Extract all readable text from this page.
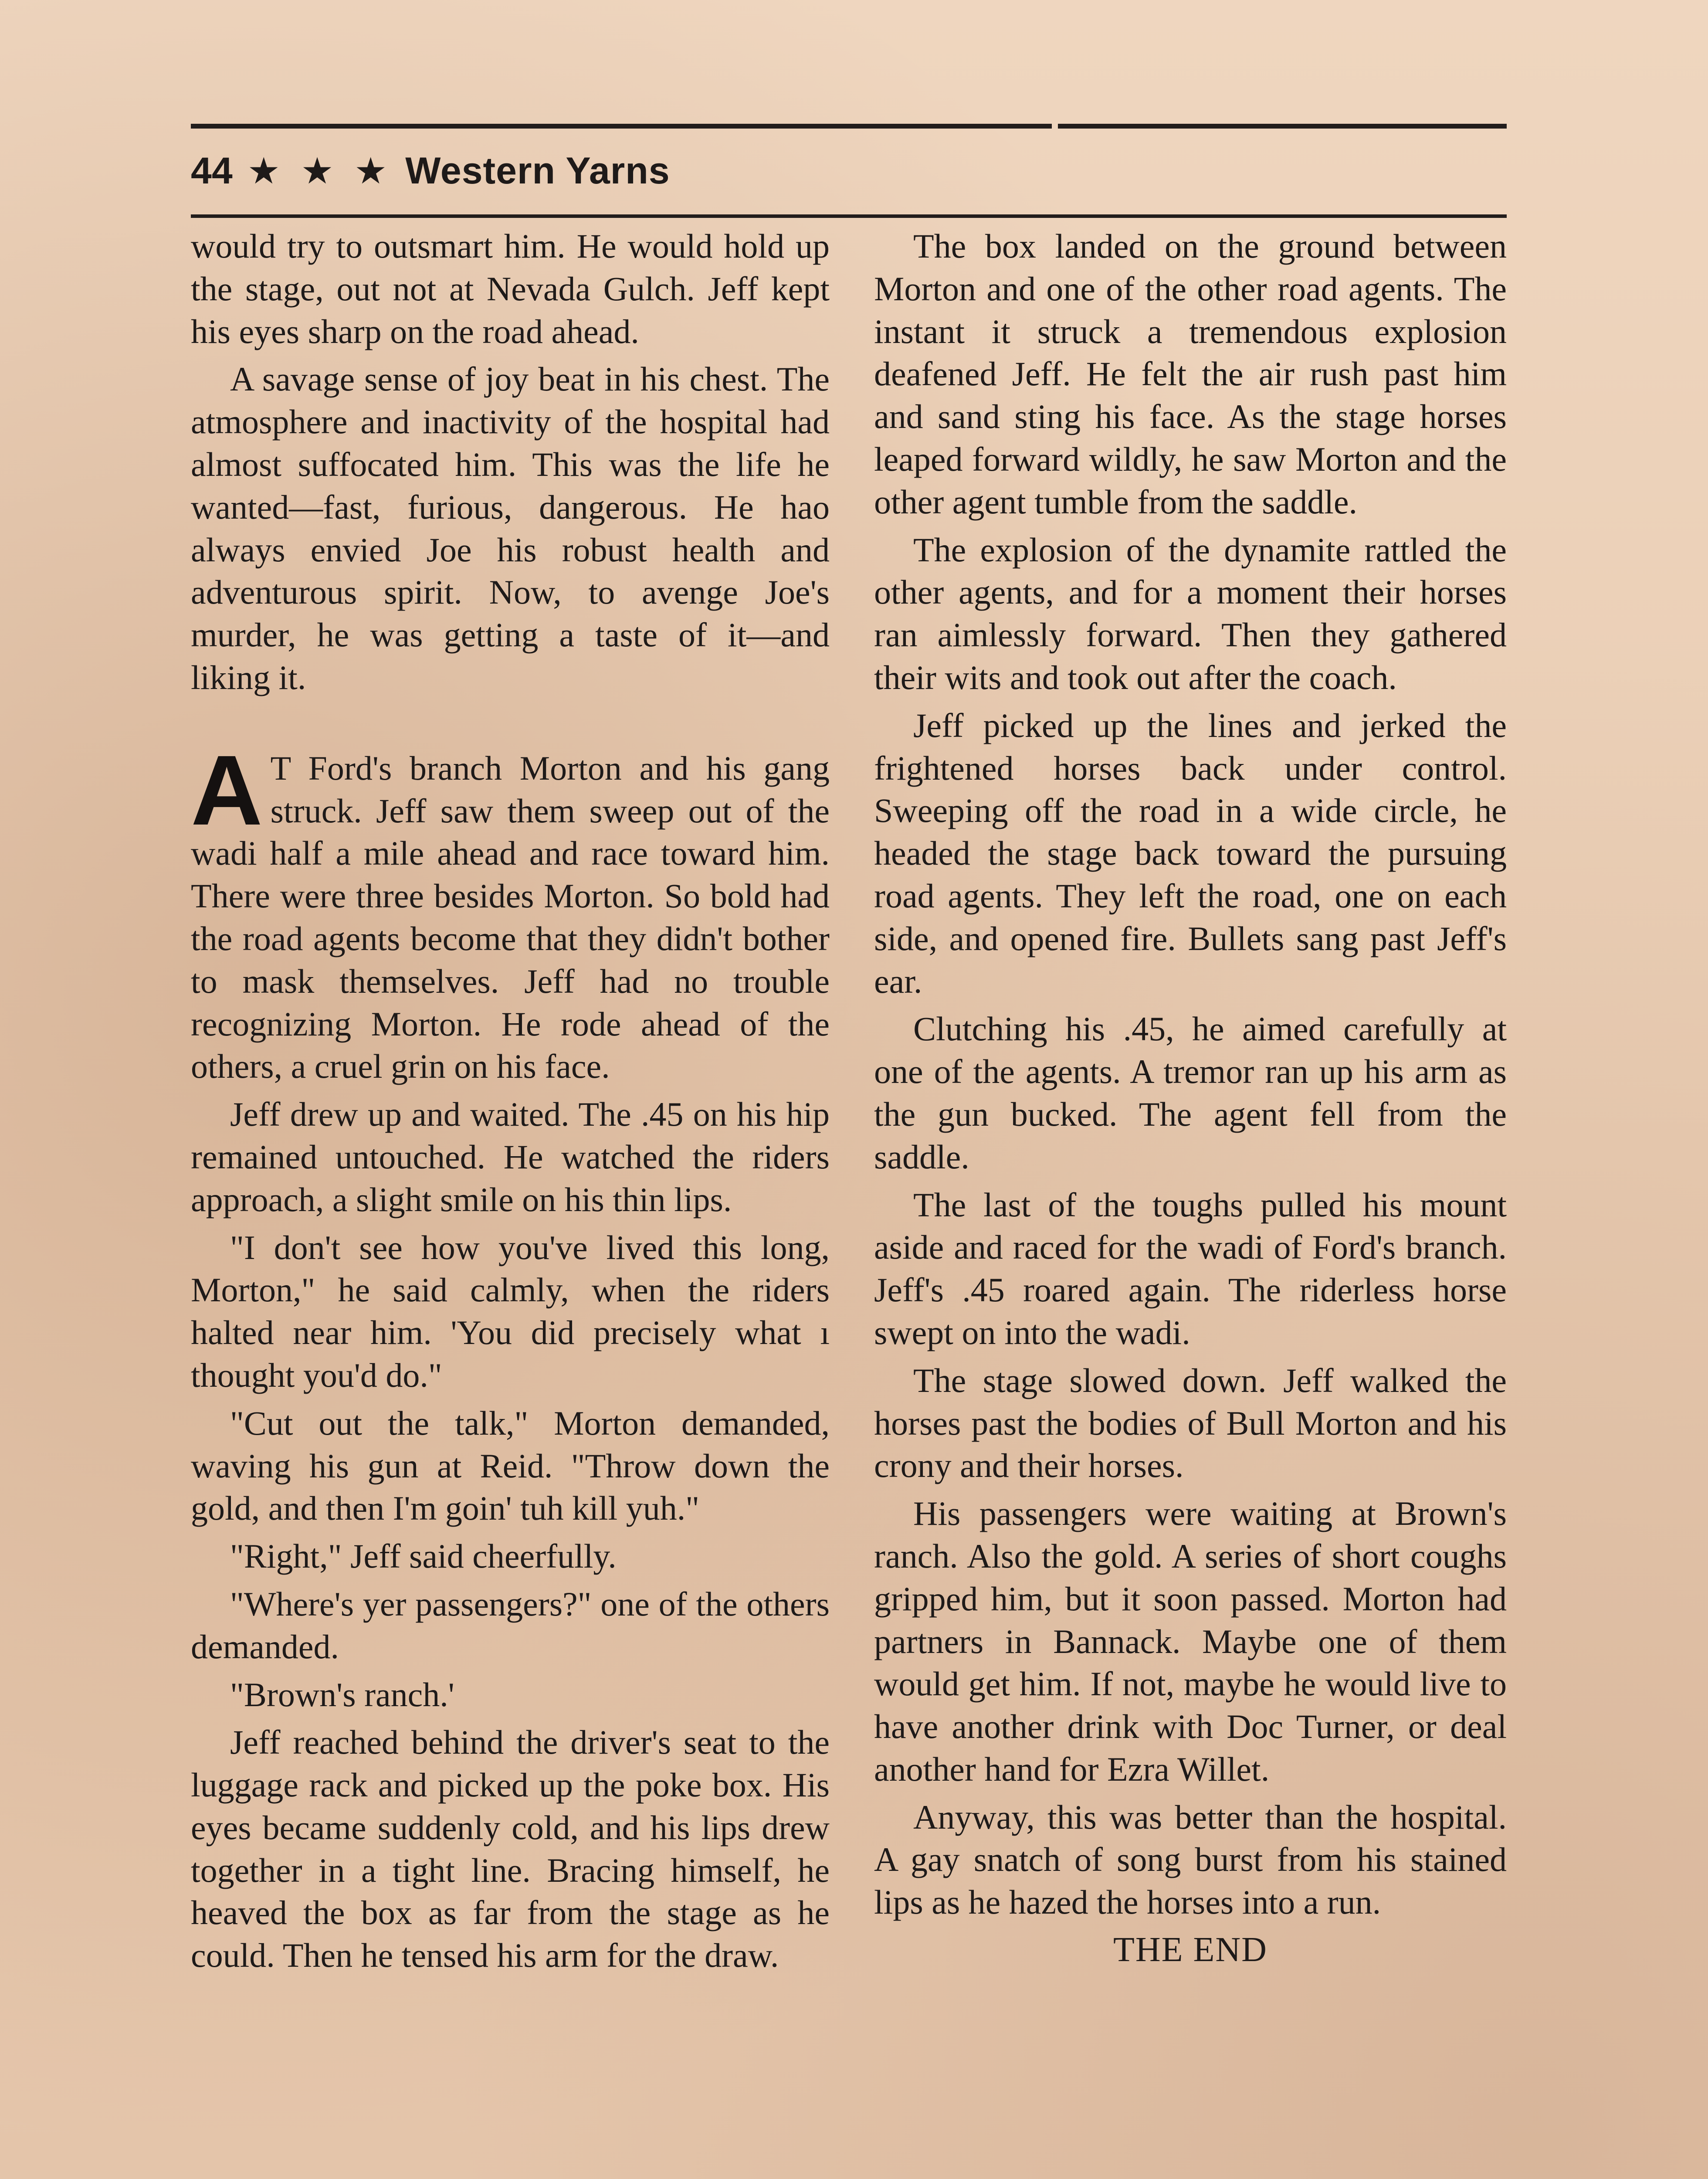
44 ★ ★ ★ Western Yarns

would try to outsmart him. He would hold up the stage, out not at Nevada Gulch. Jeff kept his eyes sharp on the road ahead.

A savage sense of joy beat in his chest. The atmosphere and inactivity of the hospital had almost suffocated him. This was the life he wanted—fast, furious, dangerous. He hao always envied Joe his robust health and adventurous spirit. Now, to avenge Joe's murder, he was getting a taste of it—and liking it.

A T Ford's branch Morton and his gang struck. Jeff saw them sweep out of the wadi half a mile ahead and race toward him. There were three besides Morton. So bold had the road agents become that they didn't bother to mask themselves. Jeff had no trouble recognizing Morton. He rode ahead of the others, a cruel grin on his face.

Jeff drew up and waited. The .45 on his hip remained untouched. He watched the riders approach, a slight smile on his thin lips.

"I don't see how you've lived this long, Morton," he said calmly, when the riders halted near him. 'You did precisely what ı thought you'd do."

"Cut out the talk," Morton demanded, waving his gun at Reid. "Throw down the gold, and then I'm goin' tuh kill yuh."

"Right," Jeff said cheerfully.

"Where's yer passengers?" one of the others demanded.

"Brown's ranch.'

Jeff reached behind the driver's seat to the luggage rack and picked up the poke box. His eyes became suddenly cold, and his lips drew together in a tight line. Bracing himself, he heaved the box as far from the stage as he could. Then he tensed his arm for the draw.

The box landed on the ground between Morton and one of the other road agents. The instant it struck a tremendous explosion deafened Jeff. He felt the air rush past him and sand sting his face. As the stage horses leaped forward wildly, he saw Morton and the other agent tumble from the saddle.

The explosion of the dynamite rattled the other agents, and for a moment their horses ran aimlessly forward. Then they gathered their wits and took out after the coach.

Jeff picked up the lines and jerked the frightened horses back under control. Sweeping off the road in a wide circle, he headed the stage back toward the pursuing road agents. They left the road, one on each side, and opened fire. Bullets sang past Jeff's ear.

Clutching his .45, he aimed carefully at one of the agents. A tremor ran up his arm as the gun bucked. The agent fell from the saddle.

The last of the toughs pulled his mount aside and raced for the wadi of Ford's branch. Jeff's .45 roared again. The riderless horse swept on into the wadi.

The stage slowed down. Jeff walked the horses past the bodies of Bull Morton and his crony and their horses.

His passengers were waiting at Brown's ranch. Also the gold. A series of short coughs gripped him, but it soon passed. Morton had partners in Bannack. Maybe one of them would get him. If not, maybe he would live to have another drink with Doc Turner, or deal another hand for Ezra Willet.

Anyway, this was better than the hospital. A gay snatch of song burst from his stained lips as he hazed the horses into a run.

THE END
